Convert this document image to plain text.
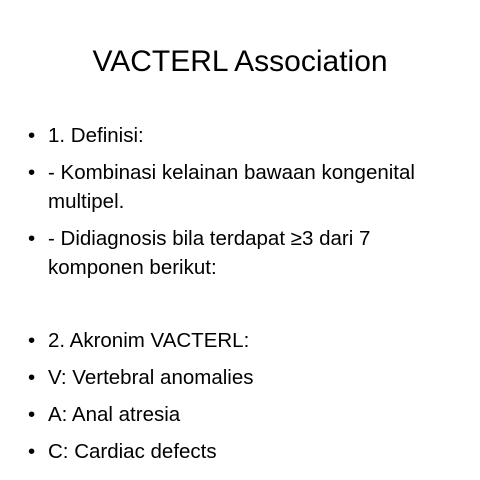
VACTERL Association
• 1. Definisi:
• - Kombinasi kelainan bawaan kongenital multipel.
• - Didiagnosis bila terdapat ≥3 dari 7 komponen berikut:
• 2. Akronim VACTERL:
• V: Vertebral anomalies
• A: Anal atresia
• C: Cardiac defects
